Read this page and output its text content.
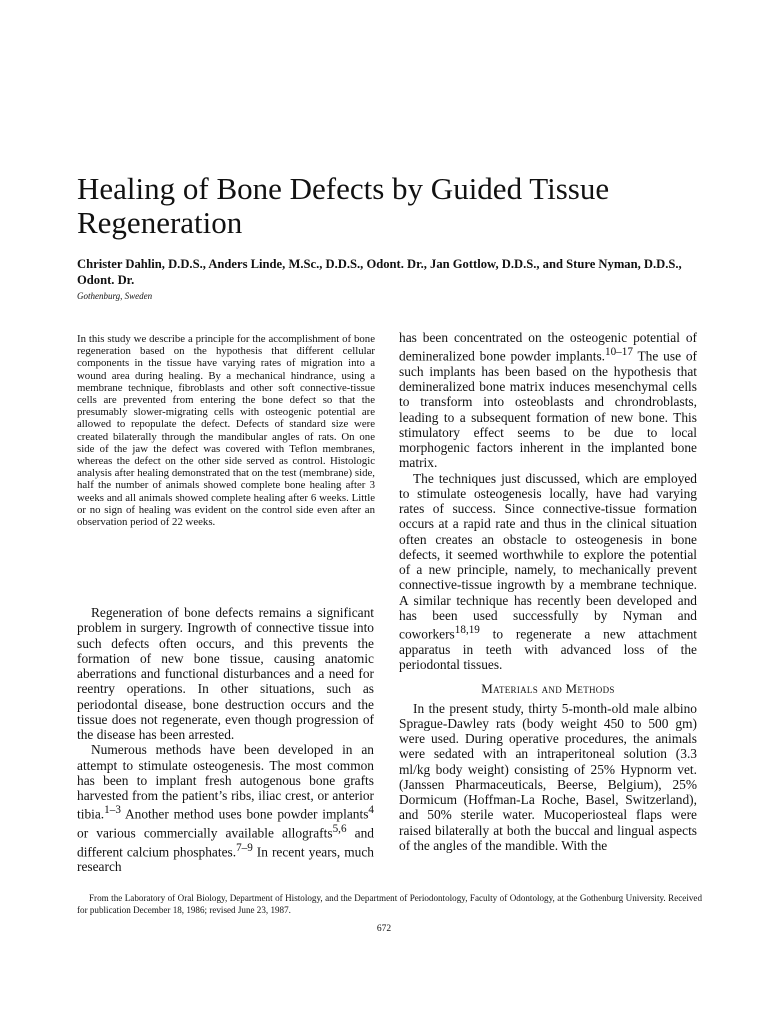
Healing of Bone Defects by Guided Tissue Regeneration

Christer Dahlin, D.D.S., Anders Linde, M.Sc., D.D.S., Odont. Dr., Jan Gottlow, D.D.S., and Sture Nyman, D.D.S., Odont. Dr.

Gothenburg, Sweden

In this study we describe a principle for the accomplishment of bone regeneration based on the hypothesis that different cellular components in the tissue have varying rates of migration into a wound area during healing. By a mechanical hindrance, using a membrane technique, fibroblasts and other soft connective-tissue cells are prevented from entering the bone defect so that the presumably slower-migrating cells with osteogenic potential are allowed to repopulate the defect. Defects of standard size were created bilaterally through the mandibular angles of rats. On one side of the jaw the defect was covered with Teflon membranes, whereas the defect on the other side served as control. Histologic analysis after healing demonstrated that on the test (membrane) side, half the number of animals showed complete bone healing after 3 weeks and all animals showed complete healing after 6 weeks. Little or no sign of healing was evident on the control side even after an observation period of 22 weeks.

Regeneration of bone defects remains a significant problem in surgery. Ingrowth of connective tissue into such defects often occurs, and this prevents the formation of new bone tissue, causing anatomic aberrations and functional disturbances and a need for reentry operations. In other situations, such as periodontal disease, bone destruction occurs and the tissue does not regenerate, even though progression of the disease has been arrested.

Numerous methods have been developed in an attempt to stimulate osteogenesis. The most common has been to implant fresh autogenous bone grafts harvested from the patient’s ribs, iliac crest, or anterior tibia.$^{1-3}$ Another method uses bone powder implants$^4$ or various commercially available allografts$^{5,6}$ and different calcium phosphates.$^{7-9}$ In recent years, much research

has been concentrated on the osteogenic potential of demineralized bone powder implants.$^{10-17}$ The use of such implants has been based on the hypothesis that demineralized bone matrix induces mesenchymal cells to transform into osteoblasts and chrondroblasts, leading to a subsequent formation of new bone. This stimulatory effect seems to be due to local morphogenic factors inherent in the implanted bone matrix.

The techniques just discussed, which are employed to stimulate osteogenesis locally, have had varying rates of success. Since connective-tissue formation occurs at a rapid rate and thus in the clinical situation often creates an obstacle to osteogenesis in bone defects, it seemed worthwhile to explore the potential of a new principle, namely, to mechanically prevent connective-tissue ingrowth by a membrane technique. A similar technique has recently been developed and has been used successfully by Nyman and coworkers$^{18,19}$ to regenerate a new attachment apparatus in teeth with advanced loss of the periodontal tissues.

Materials and Methods

In the present study, thirty 5-month-old male albino Sprague-Dawley rats (body weight 450 to 500 gm) were used. During operative procedures, the animals were sedated with an intraperitoneal solution (3.3 ml/kg body weight) consisting of 25% Hypnorm vet. (Janssen Pharmaceuticals, Beerse, Belgium), 25% Dormicum (Hoffman-La Roche, Basel, Switzerland), and 50% sterile water. Mucoperiosteal flaps were raised bilaterally at both the buccal and lingual aspects of the angles of the mandible. With the

From the Laboratory of Oral Biology, Department of Histology, and the Department of Periodontology, Faculty of Odontology, at the Gothenburg University. Received for publication December 18, 1986; revised June 23, 1987.

672
